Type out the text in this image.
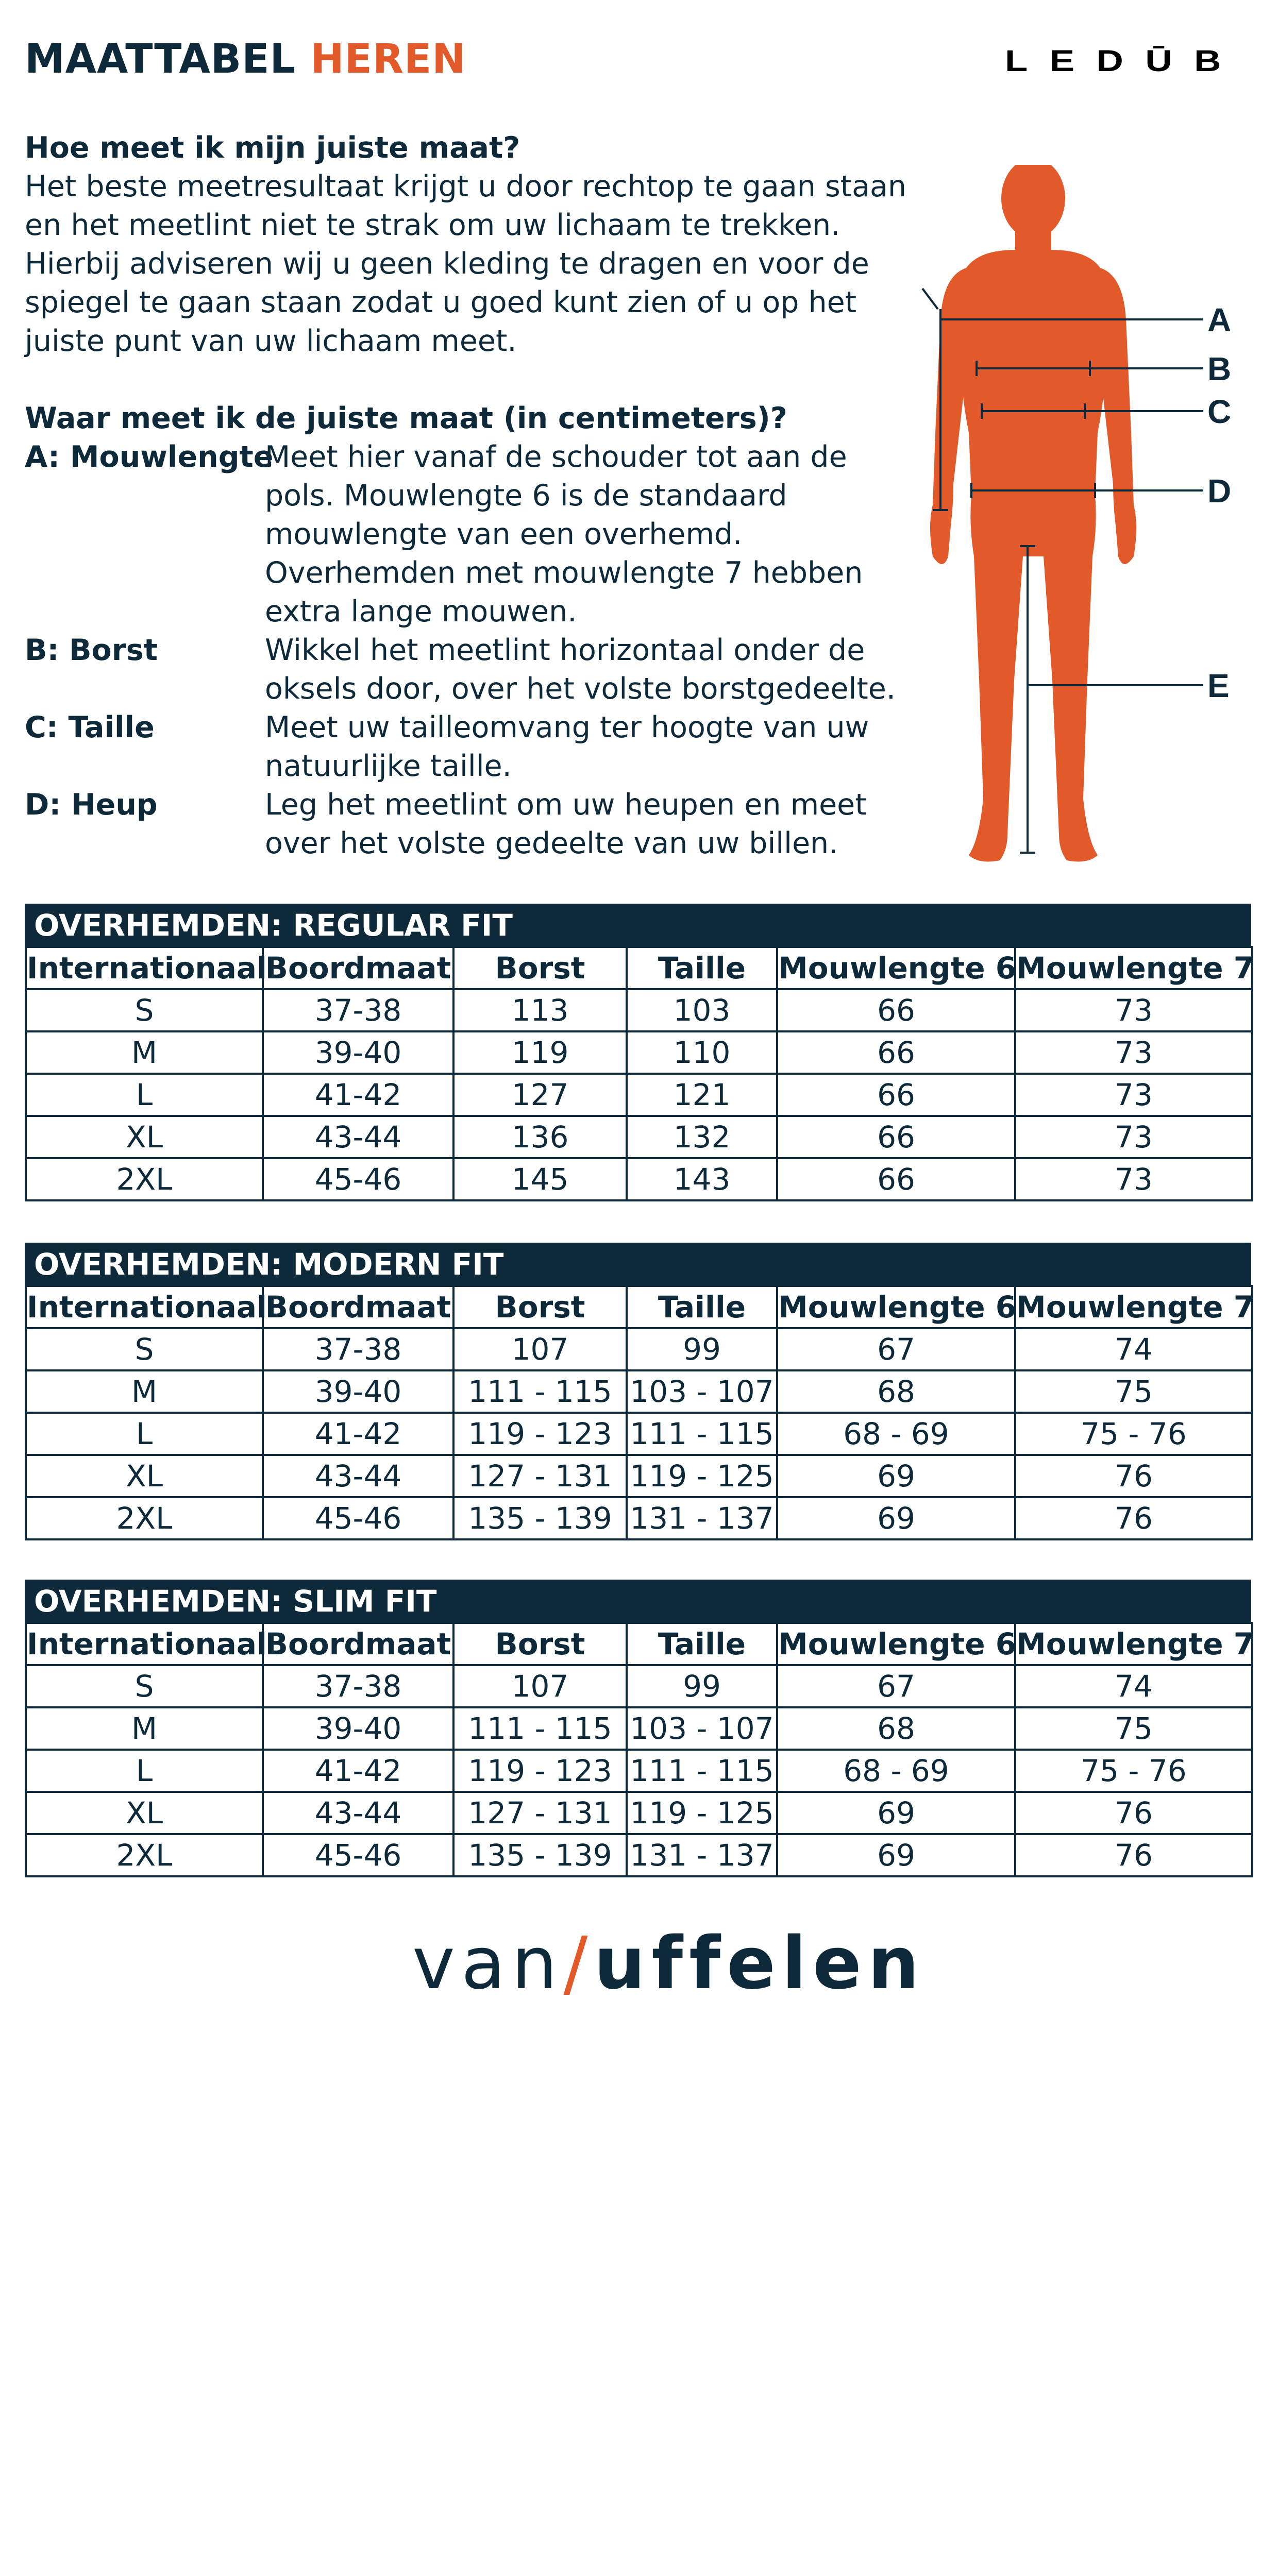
MAATTABEL HEREN	LEDŪB
Hoe meet ik mijn juiste maat?

Het beste meetresultaat krijgt u door rechtop te gaan staan en het meetlint niet te strak om uw lichaam te trekken. Hierbij adviseren wij u geen kleding te dragen en voor de spiegel te gaan staan zodat u goed kunt zien of u op het juiste punt van uw lichaam meet.

Waar meet ik de juiste maat (in centimeters)?
A: Mouwlengte
Meet hier vanaf de schouder tot aan de pols. Mouwlengte 6 is de standaard mouwlengte van een overhemd. Overhemden met mouwlengte 7 hebben extra lange mouwen.
B: Borst	Wikkel het meetlint horizontaal onder de oksels door, over het volste borstgedeelte.
C: Taille	Meet uw tailleomvang ter hoogte van uw natuurlijke taille.
D: Heup	Leg het meetlint om uw heupen en meet over het volste gedeelte van uw billen.
A
B
C
D
E
OVERHEMDEN: REGULAR FIT
Internationaal	Boordmaat	Borst	Taille	Mouwlengte 6	Mouwlengte 7
S	37-38	113	103	66	73
M	39-40	119	110	66	73
L	41-42	127	121	66	73
XL	43-44	136	132	66	73
2XL	45-46	145	143	66	73
OVERHEMDEN: MODERN FIT
Internationaal	Boordmaat	Borst	Taille	Mouwlengte 6	Mouwlengte 7
S	37-38	107	99	67	74
M	39-40	111 - 115	103 - 107	68	75
L	41-42	119 - 123	111 - 115	68 - 69	75 - 76
XL	43-44	127 - 131	119 - 125	69	76
2XL	45-46	135 - 139	131 - 137	69	76
OVERHEMDEN: SLIM FIT
Internationaal	Boordmaat	Borst	Taille	Mouwlengte 6	Mouwlengte 7
S	37-38	107	99	67	74
M	39-40	111 - 115	103 - 107	68	75
L	41-42	119 - 123	111 - 115	68 - 69	75 - 76
XL	43-44	127 - 131	119 - 125	69	76
2XL	45-46	135 - 139	131 - 137	69	76
van/uffelen
